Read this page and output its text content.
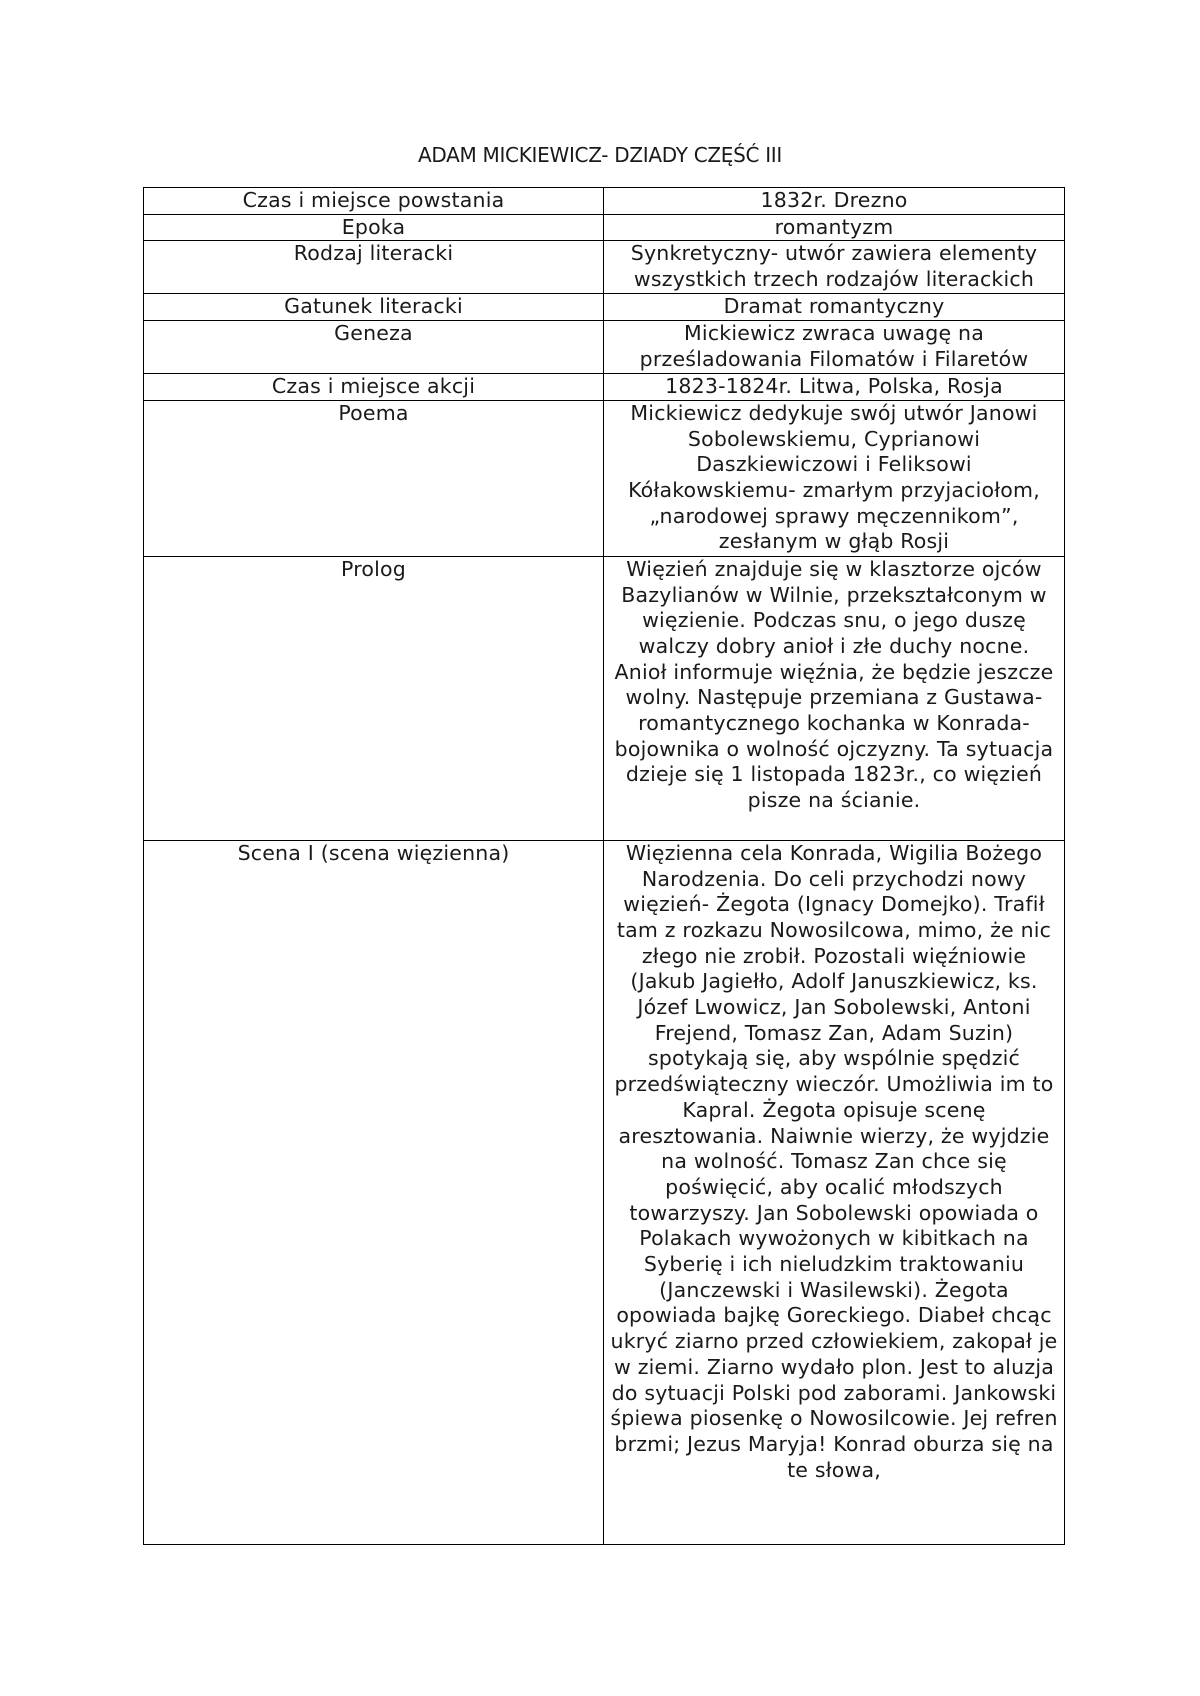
ADAM MICKIEWICZ- DZIADY CZĘŚĆ III
Czas i miejsce powstania	1832r. Drezno
Epoka	romantyzm
Rodzaj literacki	Synkretyczny- utwór zawiera elementy wszystkich trzech rodzajów literackich
Gatunek literacki	Dramat romantyczny
Geneza	Mickiewicz zwraca uwagę na prześladowania Filomatów i Filaretów
Czas i miejsce akcji	1823-1824r. Litwa, Polska, Rosja
Poema	Mickiewicz dedykuje swój utwór Janowi Sobolewskiemu, Cyprianowi Daszkiewiczowi i Feliksowi Kółakowskiemu- zmarłym przyjaciołom, „narodowej sprawy męczennikom”, zesłanym w głąb Rosji
Prolog	Więzień znajduje się w klasztorze ojców Bazylianów w Wilnie, przekształconym w więzienie. Podczas snu, o jego duszę walczy dobry anioł i złe duchy nocne. Anioł informuje więźnia, że będzie jeszcze wolny. Następuje przemiana z Gustawa- romantycznego kochanka w Konrada- bojownika o wolność ojczyzny. Ta sytuacja dzieje się 1 listopada 1823r., co więzień pisze na ścianie.
Scena I (scena więzienna)	Więzienna cela Konrada, Wigilia Bożego Narodzenia. Do celi przychodzi nowy więzień- Żegota (Ignacy Domejko). Trafił tam z rozkazu Nowosilcowa, mimo, że nic złego nie zrobił. Pozostali więźniowie (Jakub Jagiełło, Adolf Januszkiewicz, ks. Józef Lwowicz, Jan Sobolewski, Antoni Frejend, Tomasz Zan, Adam Suzin) spotykają się, aby wspólnie spędzić przedświąteczny wieczór. Umożliwia im to Kapral. Żegota opisuje scenę aresztowania. Naiwnie wierzy, że wyjdzie na wolność. Tomasz Zan chce się poświęcić, aby ocalić młodszych towarzyszy. Jan Sobolewski opowiada o Polakach wywożonych w kibitkach na Syberię i ich nieludzkim traktowaniu (Janczewski i Wasilewski). Żegota opowiada bajkę Goreckiego. Diabeł chcąc ukryć ziarno przed człowiekiem, zakopał je w ziemi. Ziarno wydało plon. Jest to aluzja do sytuacji Polski pod zaborami. Jankowski śpiewa piosenkę o Nowosilcowie. Jej refren brzmi; Jezus Maryja! Konrad oburza się na te słowa,
